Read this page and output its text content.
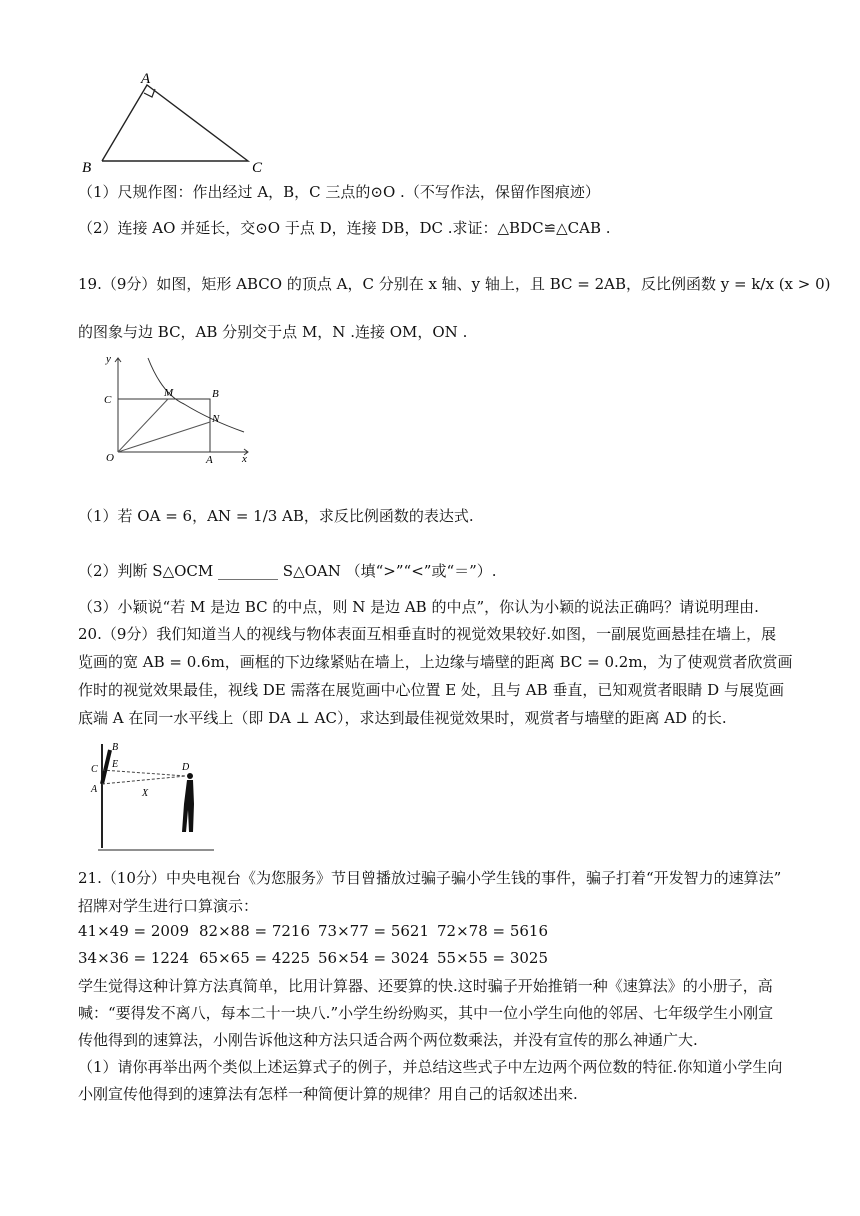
A
B	C
（1）尺规作图：作出经过 A，B，C 三点的⊙O .（不写作法，保留作图痕迹）
（2）连接 AO 并延长，交⊙O 于点 D，连接 DB，DC .求证：△BDC≌△CAB .
19.（9分）如图，矩形 ABCO 的顶点 A，C 分别在 x 轴、y 轴上，且 BC = 2AB，反比例函数 y = k/x (x > 0)
的图象与边 BC，AB 分别交于点 M，N .连接 OM，ON .
y
x
O	A
B
C
M
N
（1）若 OA = 6，AN = 1/3 AB，求反比例函数的表达式.
（2）判断 S△OCM ________ S△OAN （填“>”“<”或“＝”）.
（3）小颖说“若 M 是边 BC 的中点，则 N 是边 AB 的中点”，你认为小颖的说法正确吗？请说明理由.
20.（9分）我们知道当人的视线与物体表面互相垂直时的视觉效果较好.如图，一副展览画悬挂在墙上，展
览画的宽 AB = 0.6m，画框的下边缘紧贴在墙上，上边缘与墙壁的距离 BC = 0.2m，为了使观赏者欣赏画
作时的视觉效果最佳，视线 DE 需落在展览画中心位置 E 处，且与 AB 垂直，已知观赏者眼睛 D 与展览画
底端 A 在同一水平线上（即 DA ⊥ AC），求达到最佳视觉效果时，观赏者与墙壁的距离 AD 的长.
B
E
C
A
D
X
21.（10分）中央电视台《为您服务》节目曾播放过骗子骗小学生钱的事件，骗子打着“开发智力的速算法”
招牌对学生进行口算演示：
41×49 = 2009 82×88 = 7216 73×77 = 5621 72×78 = 5616
34×36 = 1224 65×65 = 4225 56×54 = 3024 55×55 = 3025
学生觉得这种计算方法真简单，比用计算器、还要算的快.这时骗子开始推销一种《速算法》的小册子，高
喊：“要得发不离八，每本二十一块八.”小学生纷纷购买，其中一位小学生向他的邻居、七年级学生小刚宣
传他得到的速算法，小刚告诉他这种方法只适合两个两位数乘法，并没有宣传的那么神通广大.
（1）请你再举出两个类似上述运算式子的例子，并总结这些式子中左边两个两位数的特征.你知道小学生向
小刚宣传他得到的速算法有怎样一种简便计算的规律？用自己的话叙述出来.
